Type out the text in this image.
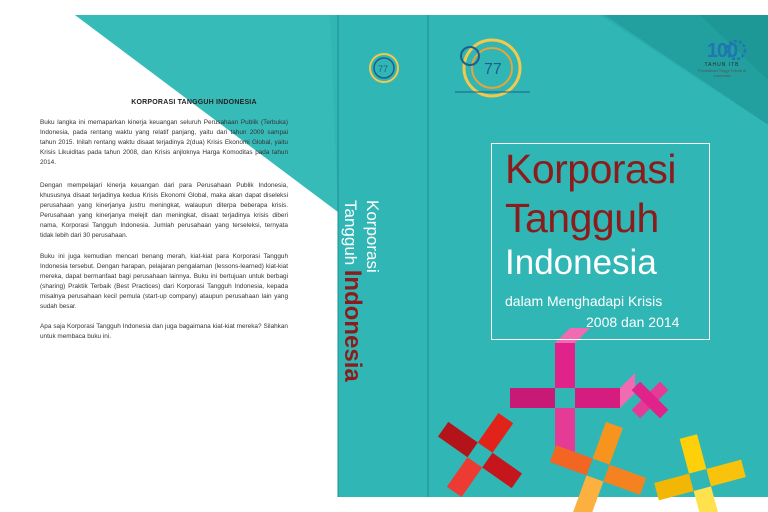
77	77
KORPORASI TANGGUH INDONESIA

Buku langka ini memaparkan kinerja keuangan seluruh Perusahaan Publik (Terbuka) Indonesia, pada rentang waktu yang relatif panjang, yaitu dari tahun 2009 sampai tahun 2015. Inilah rentang waktu disaat terjadinya 2(dua) Krisis Ekonomi Global, yaitu Krisis Likuiditas pada tahun 2008, dan Krisis anjloknya Harga Komoditas pada tahun 2014.

Dengan mempelajari kinerja keuangan dari para Perusahaan Publik Indonesia, khususnya disaat terjadinya kedua Krisis Ekonomi Global, maka akan dapat diseleksi perusahaan yang kinerjanya justru meningkat, walaupun diterpa beberapa krisis. Perusahaan yang kinerjanya melejit dan meningkat, disaat terjadinya krisis diberi nama, Korporasi Tangguh Indonesia. Jumlah perusahaan yang terseleksi, ternyata tidak lebih dari 30 perusahaan.

Buku ini juga kemudian mencari benang merah, kiat-kiat para Korporasi Tangguh Indonesia tersebut. Dengan harapan, pelajaran pengalaman (lessons-learned) kiat-kiat mereka, dapat bermanfaat bagi perusahaan lainnya. Buku ini bertujuan untuk berbagi (sharing) Praktik Terbaik (Best Practices) dari Korporasi Tangguh Indonesia, kepada misalnya perusahaan kecil pemula (start-up company) ataupun perusahaan lain yang sudah besar.

Apa saja Korporasi Tangguh Indonesia dan juga bagaimana kiat-kiat mereka? Silahkan untuk membaca buku ini.

Korporasi
Tangguh Indonesia
Korporasi
Tangguh
Indonesia
dalam Menghadapi Krisis
2008 dan 2014
100
TAHUN ITB
Pendidikan Tinggi Teknik di Indonesia
